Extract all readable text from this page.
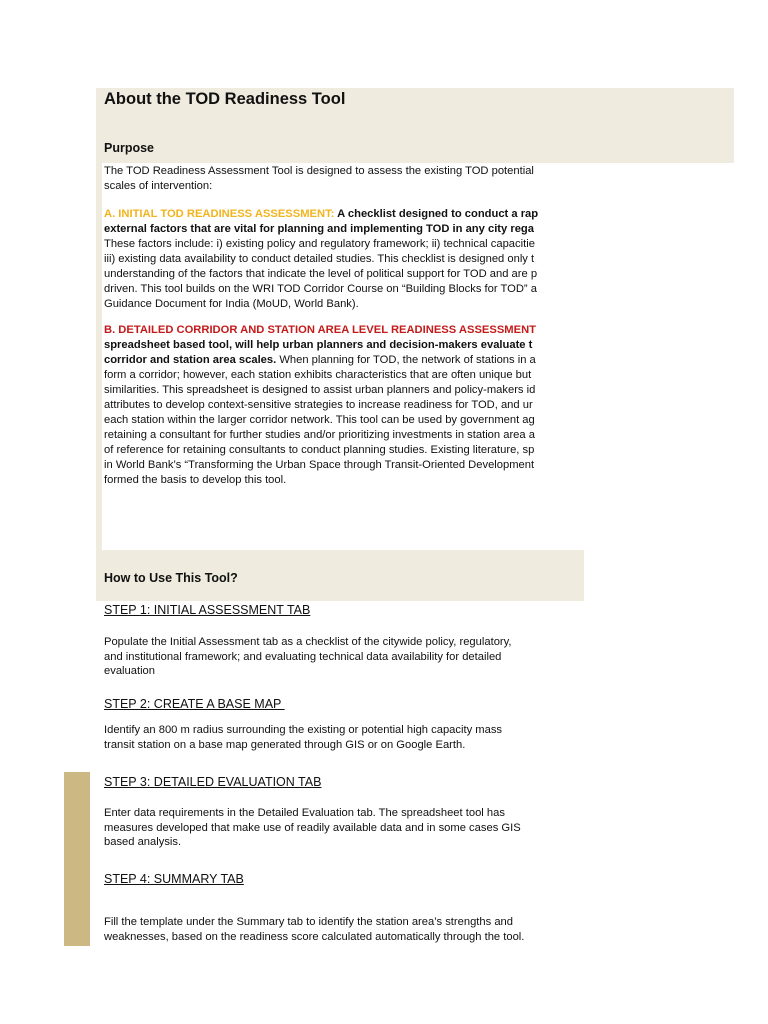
About the TOD Readiness Tool
Purpose
The TOD Readiness Assessment Tool is designed to assess the existing TOD potential
scales of intervention:
A. INITIAL TOD READINESS ASSESSMENT: A checklist designed to conduct a rap
external factors that are vital for planning and implementing TOD in any city rega
These factors include: i) existing policy and regulatory framework; ii) technical capacitie
iii) existing data availability to conduct detailed studies. This checklist is designed only t
understanding of the factors that indicate the level of political support for TOD and are p
driven. This tool builds on the WRI TOD Corridor Course on “Building Blocks for TOD” a
Guidance Document for India (MoUD, World Bank).
B. DETAILED CORRIDOR AND STATION AREA LEVEL READINESS ASSESSMENT
spreadsheet based tool, will help urban planners and decision-makers evaluate t
corridor and station area scales. When planning for TOD, the network of stations in a
form a corridor; however, each station exhibits characteristics that are often unique but
similarities. This spreadsheet is designed to assist urban planners and policy-makers id
attributes to develop context-sensitive strategies to increase readiness for TOD, and ur
each station within the larger corridor network. This tool can be used by government ag
retaining a consultant for further studies and/or prioritizing investments in station area a
of reference for retaining consultants to conduct planning studies. Existing literature, sp
in World Bank’s “Transforming the Urban Space through Transit-Oriented Development
formed the basis to develop this tool.
How to Use This Tool?
STEP 1: INITIAL ASSESSMENT TAB
Populate the Initial Assessment tab as a checklist of the citywide policy, regulatory,
and institutional framework; and evaluating technical data availability for detailed
evaluation
STEP 2: CREATE A BASE MAP
Identify an 800 m radius surrounding the existing or potential high capacity mass
transit station on a base map generated through GIS or on Google Earth.
STEP 3: DETAILED EVALUATION TAB
Enter data requirements in the Detailed Evaluation tab. The spreadsheet tool has
measures developed that make use of readily available data and in some cases GIS
based analysis.
STEP 4: SUMMARY TAB
Fill the template under the Summary tab to identify the station area’s strengths and
weaknesses, based on the readiness score calculated automatically through the tool.
